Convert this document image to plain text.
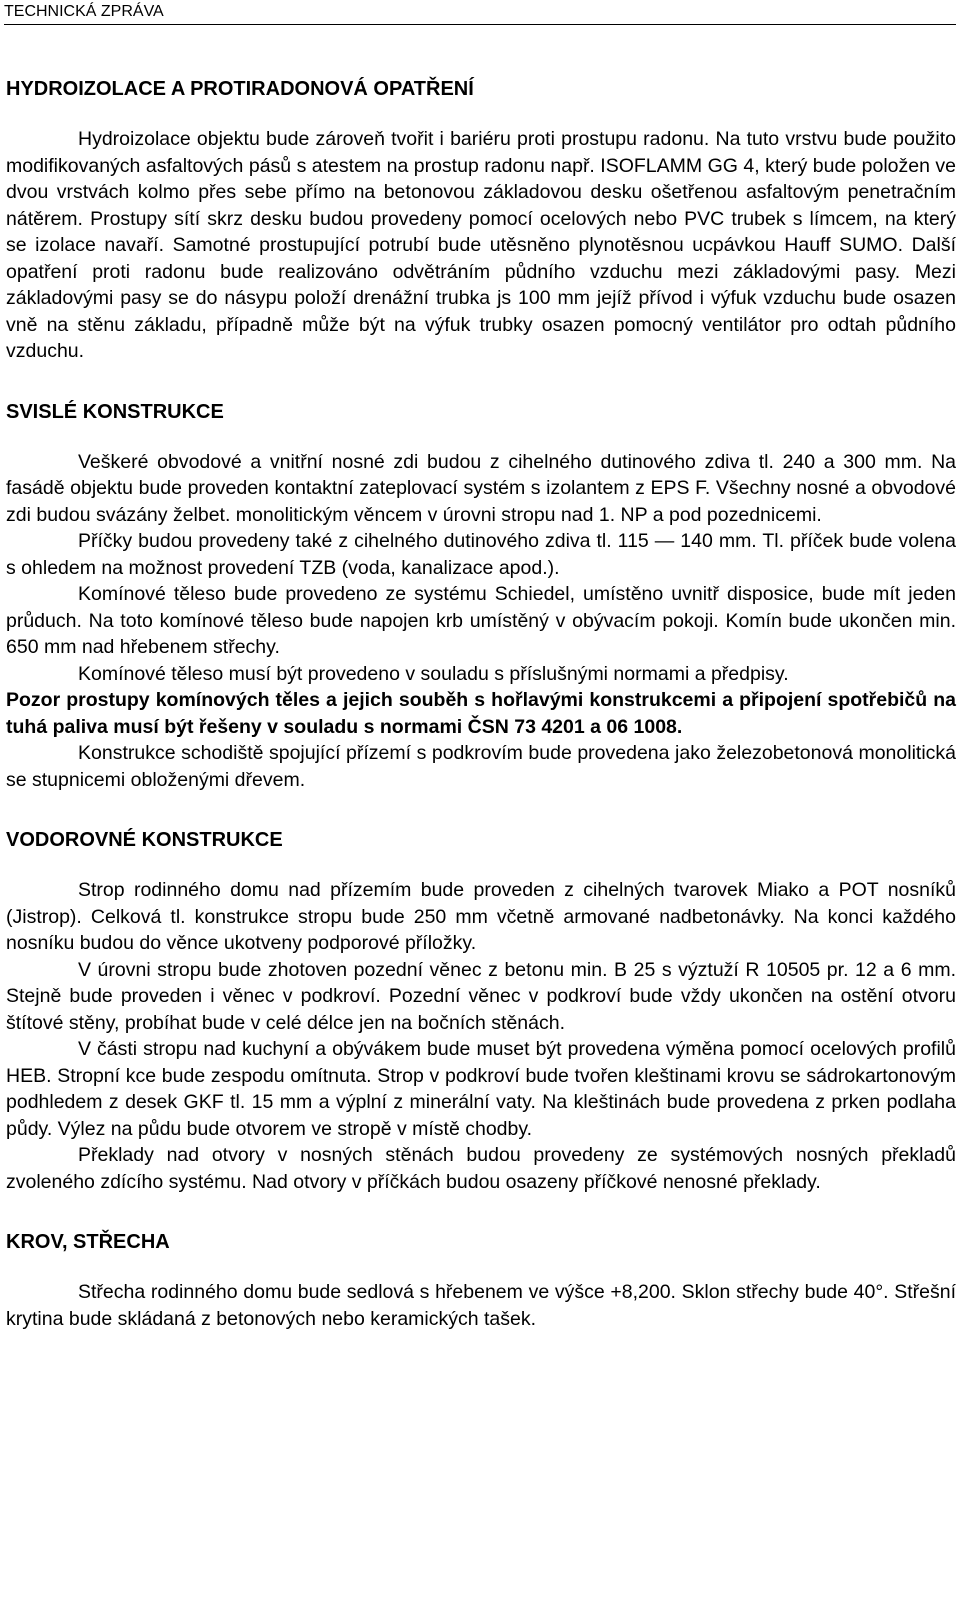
TECHNICKÁ ZPRÁVA
HYDROIZOLACE A PROTIRADONOVÁ OPATŘENÍ

Hydroizolace objektu bude zároveň tvořit i bariéru proti prostupu radonu. Na tuto vrstvu bude použito modifikovaných asfaltových pásů s atestem na prostup radonu např. ISOFLAMM GG 4, který bude položen ve dvou vrstvách kolmo přes sebe přímo na betonovou základovou desku ošetřenou asfaltovým penetračním nátěrem. Prostupy sítí skrz desku budou provedeny pomocí ocelových nebo PVC trubek s límcem, na který se izolace navaří. Samotné prostupující potrubí bude utěsněno plynotěsnou ucpávkou Hauff SUMO. Další opatření proti radonu bude realizováno odvětráním půdního vzduchu mezi základovými pasy. Mezi základovými pasy se do násypu položí drenážní trubka js 100 mm jejíž přívod i výfuk vzduchu bude osazen vně na stěnu základu, případně může být na výfuk trubky osazen pomocný ventilátor pro odtah půdního vzduchu.

SVISLÉ KONSTRUKCE

Veškeré obvodové a vnitřní nosné zdi budou z cihelného dutinového zdiva tl. 240 a 300 mm. Na fasádě objektu bude proveden kontaktní zateplovací systém s izolantem z EPS F. Všechny nosné a obvodové zdi budou svázány želbet. monolitickým věncem v úrovni stropu nad 1. NP a pod pozednicemi.

Příčky budou provedeny také z cihelného dutinového zdiva tl. 115 — 140 mm. Tl. příček bude volena s ohledem na možnost provedení TZB (voda, kanalizace apod.).

Komínové těleso bude provedeno ze systému Schiedel, umístěno uvnitř disposice, bude mít jeden průduch. Na toto komínové těleso bude napojen krb umístěný v obývacím pokoji. Komín bude ukončen min. 650 mm nad hřebenem střechy.

Komínové těleso musí být provedeno v souladu s příslušnými normami a předpisy.

Pozor prostupy komínových těles a jejich souběh s hořlavými konstrukcemi a připojení spotřebičů na tuhá paliva musí být řešeny v souladu s normami ČSN 73 4201 a 06 1008.

Konstrukce schodiště spojující přízemí s podkrovím bude provedena jako železobetonová monolitická se stupnicemi obloženými dřevem.

VODOROVNÉ KONSTRUKCE

Strop rodinného domu nad přízemím bude proveden z cihelných tvarovek Miako a POT nosníků (Jistrop). Celková tl. konstrukce stropu bude 250 mm včetně armované nadbetonávky. Na konci každého nosníku budou do věnce ukotveny podporové příložky.

V úrovni stropu bude zhotoven pozední věnec z betonu min. B 25 s výztuží R 10505 pr. 12 a 6 mm. Stejně bude proveden i věnec v podkroví. Pozední věnec v podkroví bude vždy ukončen na ostění otvoru štítové stěny, probíhat bude v celé délce jen na bočních stěnách.

V části stropu nad kuchyní a obývákem bude muset být provedena výměna pomocí ocelových profilů HEB. Stropní kce bude zespodu omítnuta. Strop v podkroví bude tvořen kleštinami krovu se sádrokartonovým podhledem z desek GKF tl. 15 mm a výplní z minerální vaty. Na kleštinách bude provedena z prken podlaha půdy. Výlez na půdu bude otvorem ve stropě v místě chodby.

Překlady nad otvory v nosných stěnách budou provedeny ze systémových nosných překladů zvoleného zdícího systému. Nad otvory v příčkách budou osazeny příčkové nenosné překlady.

KROV, STŘECHA

Střecha rodinného domu bude sedlová s hřebenem ve výšce +8,200. Sklon střechy bude 40°. Střešní krytina bude skládaná z betonových nebo keramických tašek.
